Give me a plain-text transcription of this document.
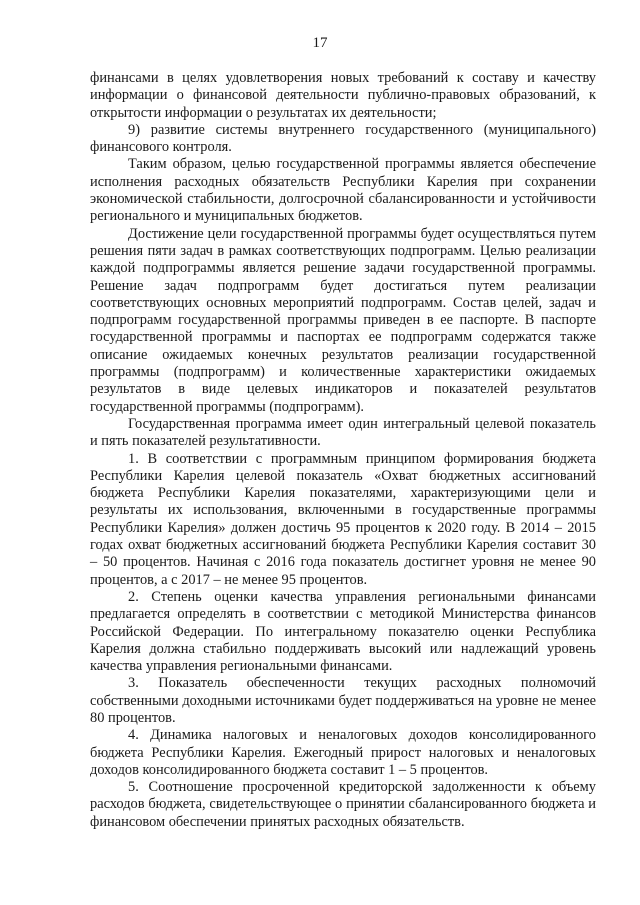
17

финансами в целях удовлетворения новых требований к составу и качеству информации о финансовой деятельности публично-правовых образований, к открытости информации о результатах их деятельности;

9) развитие системы внутреннего государственного (муниципального) финансового контроля.

Таким образом, целью государственной программы является обеспечение исполнения расходных обязательств Республики Карелия при сохранении экономической стабильности, долгосрочной сбалансированности и устойчивости регионального и муниципальных бюджетов.

Достижение цели государственной программы будет осуществляться путем решения пяти задач в рамках соответствующих подпрограмм. Целью реализации каждой подпрограммы является решение задачи государственной программы. Решение задач подпрограмм будет достигаться путем реализации соответствующих основных мероприятий подпрограмм. Состав целей, задач и подпрограмм государственной программы приведен в ее паспорте. В паспорте государственной программы и паспортах ее подпрограмм содержатся также описание ожидаемых конечных результатов реализации государственной программы (подпрограмм) и количественные характеристики ожидаемых результатов в виде целевых индикаторов и показателей результатов государственной программы (подпрограмм).

Государственная программа имеет один интегральный целевой показатель и пять показателей результативности.

1. В соответствии с программным принципом формирования бюджета Республики Карелия целевой показатель «Охват бюджетных ассигнований бюджета Республики Карелия показателями, характеризующими цели и результаты их использования, включенными в государственные программы Республики Карелия» должен достичь 95 процентов к 2020 году. В 2014 – 2015 годах охват бюджетных ассигнований бюджета Республики Карелия составит 30 – 50 процентов. Начиная с 2016 года показатель достигнет уровня не менее 90 процентов, а с 2017 – не менее 95 процентов.

2. Степень оценки качества управления региональными финансами предлагается определять в соответствии с методикой Министерства финансов Российской Федерации. По интегральному показателю оценки Республика Карелия должна стабильно поддерживать высокий или надлежащий уровень качества управления региональными финансами.

3. Показатель обеспеченности текущих расходных полномочий собственными доходными источниками будет поддерживаться на уровне не менее 80 процентов.

4. Динамика налоговых и неналоговых доходов консолидированного бюджета Республики Карелия. Ежегодный прирост налоговых и неналоговых доходов консолидированного бюджета составит 1 – 5 процентов.

5. Соотношение просроченной кредиторской задолженности к объему расходов бюджета, свидетельствующее о принятии сбалансированного бюджета и финансовом обеспечении принятых расходных обязательств.
